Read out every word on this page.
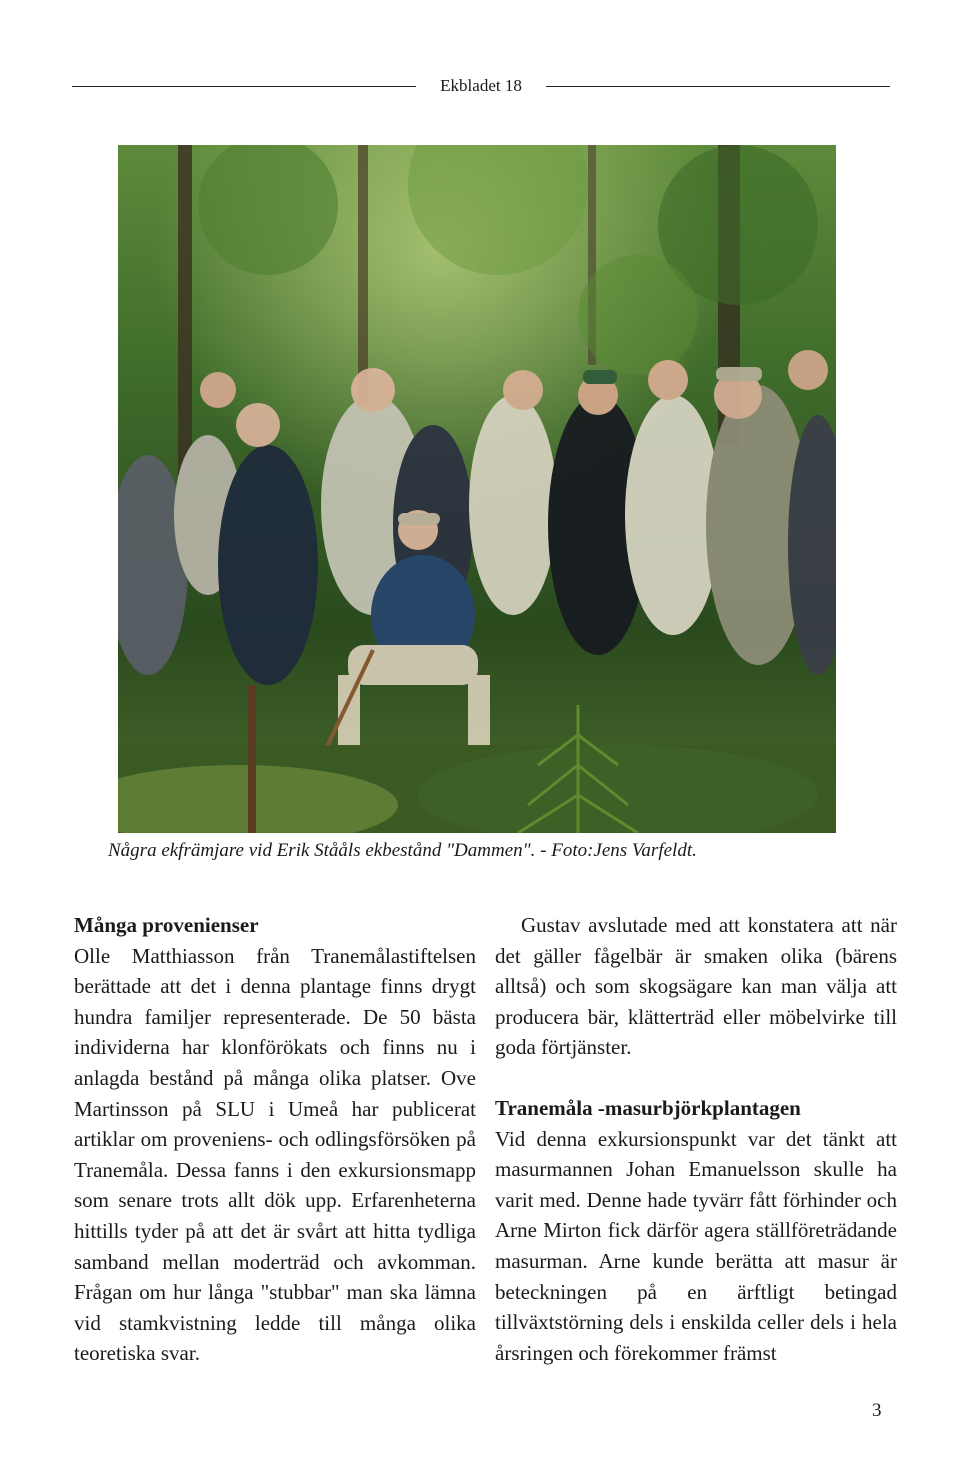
Ekbladet 18
Några ekfrämjare vid Erik Stååls ekbestånd "Dammen". - Foto:Jens Varfeldt.
Många provenienser

Olle Matthiasson från Tranemålastiftelsen berättade att det i denna plantage finns drygt hundra familjer representerade. De 50 bästa individerna har klonförökats och finns nu i anlagda bestånd på många olika platser. Ove Martinsson på SLU i Umeå har publicerat artiklar om proveniens- och odlingsförsöken på Tranemåla. Dessa fanns i den exkursionsmapp som senare trots allt dök upp. Erfarenheterna hittills tyder på att det är svårt att hitta tydliga samband mellan moderträd och avkomman. Frågan om hur långa "stubbar" man ska lämna vid stamkvistning ledde till många olika teoretiska svar.

Gustav avslutade med att konstatera att när det gäller fågelbär är smaken olika (bärens alltså) och som skogsägare kan man välja att producera bär, klätterträd eller möbelvirke till goda förtjänster.

Tranemåla -masurbjörkplantagen

Vid denna exkursionspunkt var det tänkt att masurmannen Johan Emanuelsson skulle ha varit med. Denne hade tyvärr fått förhinder och Arne Mirton fick därför agera ställföreträdande masurman. Arne kunde berätta att masur är beteckningen på en ärftligt betingad tillväxtstörning dels i enskilda celler dels i hela årsringen och förekommer främst

3
